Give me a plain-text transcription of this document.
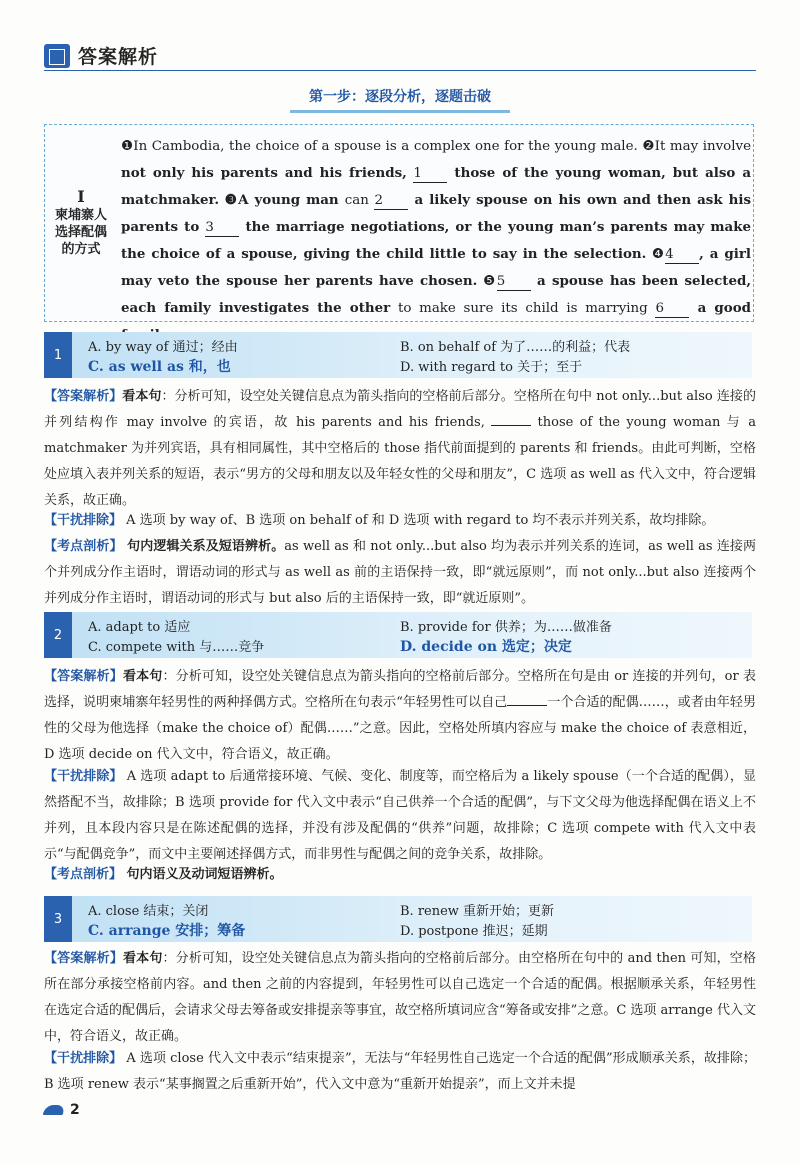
答案解析
第一步：逐段分析，逐题击破
I
柬埔寨人
选择配偶
的方式
❶In Cambodia, the choice of a spouse is a complex one for the young male. ❷It may involve not only his parents and his friends, 1 those of the young woman, but also a matchmaker. ❸A young man can 2 a likely spouse on his own and then ask his parents to 3 the marriage negotiations, or the young man’s parents may make the choice of a spouse, giving the child little to say in the selection. ❹4 , a girl may veto the spouse her parents have chosen. ❺5 a spouse has been selected, each family investigates the other to make sure its child is marrying 6	a good
1	A. by way of 通过；经由	B. on behalf of 为了……的利益；代表
C. as well as 和，也	D. with regard to 关于；至于
【答案解析】看本句：分析可知，设空处关键信息点为箭头指向的空格前后部分。空格所在句中 not only...but also 连接的并列结构作 may involve 的宾语，故 his parents and his friends,	those of the young woman 与 a matchmaker 为并列宾语，具有相同属性，其中空格后的 those 指代前面提到的 parents 和 friends。由此可判断，空格处应填入表并列关系的短语，表示“男方的父母和朋友以及年轻女性的父母和朋友”，C 选项 as well as 代入文中，符合逻辑关系，故正确。
【干扰排除】 A 选项 by way of、B 选项 on behalf of 和 D 选项 with regard to 均不表示并列关系，故均排除。
【考点剖析】 句内逻辑关系及短语辨析。as well as 和 not only...but also 均为表示并列关系的连词，as well as 连接两个并列成分作主语时，谓语动词的形式与 as well as 前的主语保持一致，即“就远原则”，而 not only...but also 连接两个并列成分作主语时，谓语动词的形式与 but also 后的主语保持一致，即“就近原则”。
2	A. adapt to 适应	B. provide for 供养；为……做准备
C. compete with 与……竞争	D. decide on 选定；决定
【答案解析】看本句：分析可知，设空处关键信息点为箭头指向的空格前后部分。空格所在句是由 or 连接的并列句，or 表选择，说明柬埔寨年轻男性的两种择偶方式。空格所在句表示“年轻男性可以自己	一个合适的配偶……，或者由年轻男性的父母为他选择（make the choice of）配偶……”之意。因此，空格处所填内容应与 make the choice of 表意相近，D 选项 decide on 代入文中，符合语义，故正确。
【干扰排除】 A 选项 adapt to 后通常接环境、气候、变化、制度等，而空格后为 a likely spouse（一个合适的配偶），显然搭配不当，故排除；B 选项 provide for 代入文中表示“自己供养一个合适的配偶”，与下文父母为他选择配偶在语义上不并列，且本段内容只是在陈述配偶的选择，并没有涉及配偶的“供养”问题，故排除；C 选项 compete with 代入文中表示“与配偶竞争”，而文中主要阐述择偶方式，而非男性与配偶之间的竞争关系，故排除。
【考点剖析】 句内语义及动词短语辨析。
3	A. close 结束；关闭	B. renew 重新开始；更新
C. arrange 安排；筹备	D. postpone 推迟；延期
【答案解析】看本句：分析可知，设空处关键信息点为箭头指向的空格前后部分。由空格所在句中的 and then 可知，空格所在部分承接空格前内容。and then 之前的内容提到，年轻男性可以自己选定一个合适的配偶。根据顺承关系，年轻男性在选定合适的配偶后，会请求父母去筹备或安排提亲等事宜，故空格所填词应含“筹备或安排”之意。C 选项 arrange 代入文中，符合语义，故正确。
【干扰排除】 A 选项 close 代入文中表示“结束提亲”，无法与“年轻男性自己选定一个合适的配偶”形成顺承关系，故排除；B 选项 renew 表示“某事搁置之后重新开始”，代入文中意为“重新开始提亲”，而上文并未提
2
